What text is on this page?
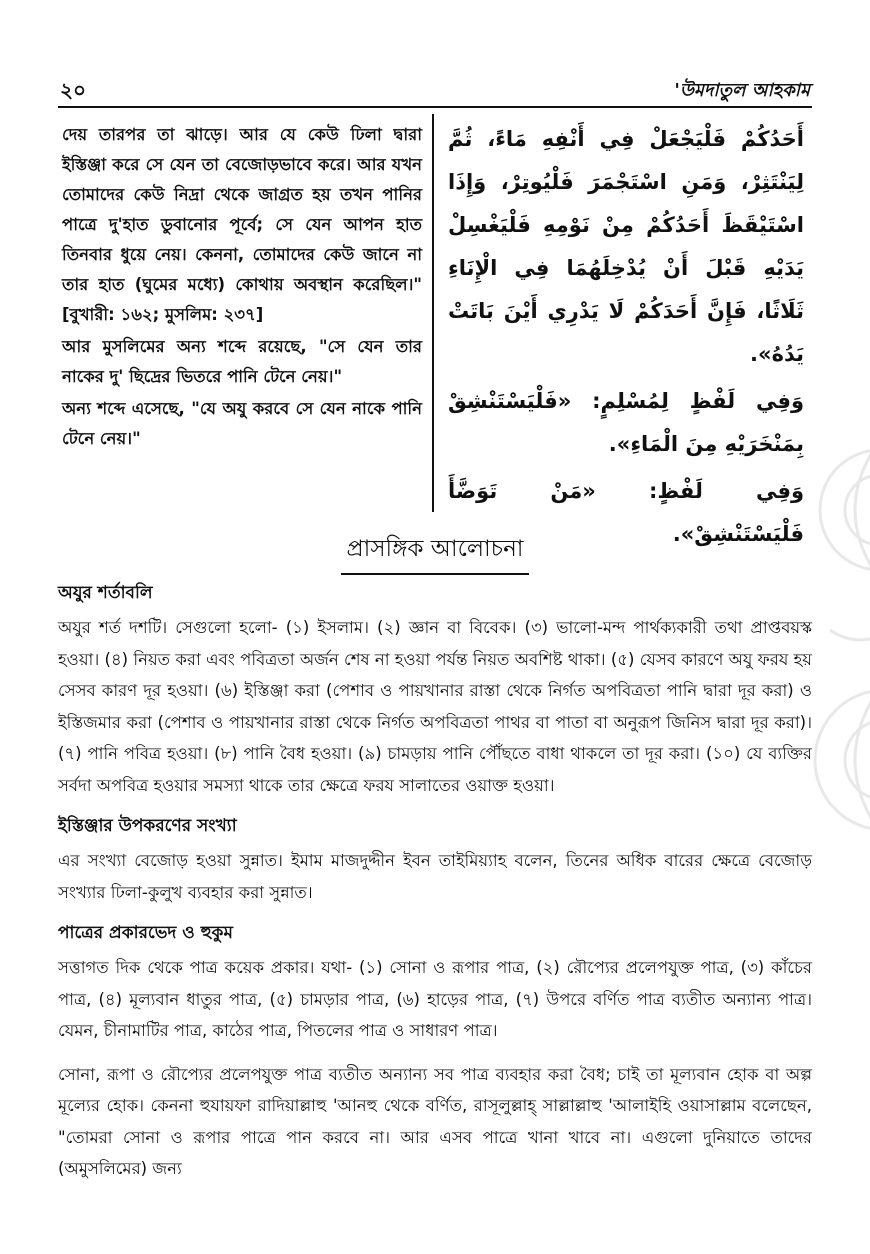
২০	'উমদাতুল আহকাম

দেয় তারপর তা ঝাড়ে। আর যে কেউ ঢিলা দ্বারা ইস্তিঞ্জা করে সে যেন তা বেজোড়ভাবে করে। আর যখন তোমাদের কেউ নিদ্রা থেকে জাগ্রত হয় তখন পানির পাত্রে দু'হাত ডুবানোর পূর্বে; সে যেন আপন হাত তিনবার ধুয়ে নেয়। কেননা, তোমাদের কেউ জানে না তার হাত (ঘুমের মধ্যে) কোথায় অবস্থান করেছিল।" [বুখারী: ১৬২; মুসলিম: ২৩৭]

আর মুসলিমের অন্য শব্দে রয়েছে, "সে যেন তার নাকের দু' ছিদ্রের ভিতরে পানি টেনে নেয়।"

অন্য শব্দে এসেছে, "যে অযু করবে সে যেন নাকে পানি টেনে নেয়।"

أَحَدُكُمْ فَلْيَجْعَلْ فِي أَنْفِهِ مَاءً، ثُمَّ لِيَنْتَثِرْ، وَمَنِ اسْتَجْمَرَ فَلْيُوتِرْ، وَإِذَا اسْتَيْقَظَ أَحَدُكُمْ مِنْ نَوْمِهِ فَلْيَغْسِلْ يَدَيْهِ قَبْلَ أَنْ يُدْخِلَهُمَا فِي الْإِنَاءِ ثَلَاثًا، فَإِنَّ أَحَدَكُمْ لَا يَدْرِي أَيْنَ بَاتَتْ يَدُهُ».

وَفِي لَفْظٍ لِمُسْلِمٍ: «فَلْيَسْتَنْشِقْ بِمَنْخَرَيْهِ مِنَ الْمَاءِ».

وَفِي لَفْظٍ: «مَنْ تَوَضَّأَ فَلْيَسْتَنْشِقْ».

প্রাসঙ্গিক আলোচনা
অযুর শর্তাবলি

অযুর শর্ত দশটি। সেগুলো হলো- (১) ইসলাম। (২) জ্ঞান বা বিবেক। (৩) ভালো-মন্দ পার্থক্যকারী তথা প্রাপ্তবয়স্ক হওয়া। (৪) নিয়ত করা এবং পবিত্রতা অর্জন শেষ না হওয়া পর্যন্ত নিয়ত অবশিষ্ট থাকা। (৫) যেসব কারণে অযু ফরয হয় সেসব কারণ দূর হওয়া। (৬) ইস্তিঞ্জা করা (পেশাব ও পায়খানার রাস্তা থেকে নির্গত অপবিত্রতা পানি দ্বারা দূর করা) ও ইস্তিজমার করা (পেশাব ও পায়খানার রাস্তা থেকে নির্গত অপবিত্রতা পাথর বা পাতা বা অনুরূপ জিনিস দ্বারা দূর করা)। (৭) পানি পবিত্র হওয়া। (৮) পানি বৈধ হওয়া। (৯) চামড়ায় পানি পৌঁছতে বাধা থাকলে তা দূর করা। (১০) যে ব্যক্তির সর্বদা অপবিত্র হওয়ার সমস্যা থাকে তার ক্ষেত্রে ফরয সালাতের ওয়াক্ত হওয়া।

ইস্তিঞ্জার উপকরণের সংখ্যা

এর সংখ্যা বেজোড় হওয়া সুন্নাত। ইমাম মাজদুদ্দীন ইবন তাইমিয়্যাহ বলেন, তিনের অধিক বারের ক্ষেত্রে বেজোড় সংখ্যার ঢিলা-কুলুখ ব্যবহার করা সুন্নাত।

পাত্রের প্রকারভেদ ও হুকুম

সত্তাগত দিক থেকে পাত্র কয়েক প্রকার। যথা- (১) সোনা ও রূপার পাত্র, (২) রৌপ্যের প্রলেপযুক্ত পাত্র, (৩) কাঁচের পাত্র, (৪) মূল্যবান ধাতুর পাত্র, (৫) চামড়ার পাত্র, (৬) হাড়ের পাত্র, (৭) উপরে বর্ণিত পাত্র ব্যতীত অন্যান্য পাত্র। যেমন, চীনামাটির পাত্র, কাঠের পাত্র, পিতলের পাত্র ও সাধারণ পাত্র।

সোনা, রূপা ও রৌপ্যের প্রলেপযুক্ত পাত্র ব্যতীত অন্যান্য সব পাত্র ব্যবহার করা বৈধ; চাই তা মূল্যবান হোক বা অল্প মূল্যের হোক। কেননা হুযায়ফা রাদিয়াল্লাহু 'আনহু থেকে বর্ণিত, রাসূলুল্লাহ্ সাল্লাল্লাহু 'আলাইহি ওয়াসাল্লাম বলেছেন, "তোমরা সোনা ও রূপার পাত্রে পান করবে না। আর এসব পাত্রে খানা খাবে না। এগুলো দুনিয়াতে তাদের (অমুসলিমের) জন্য
